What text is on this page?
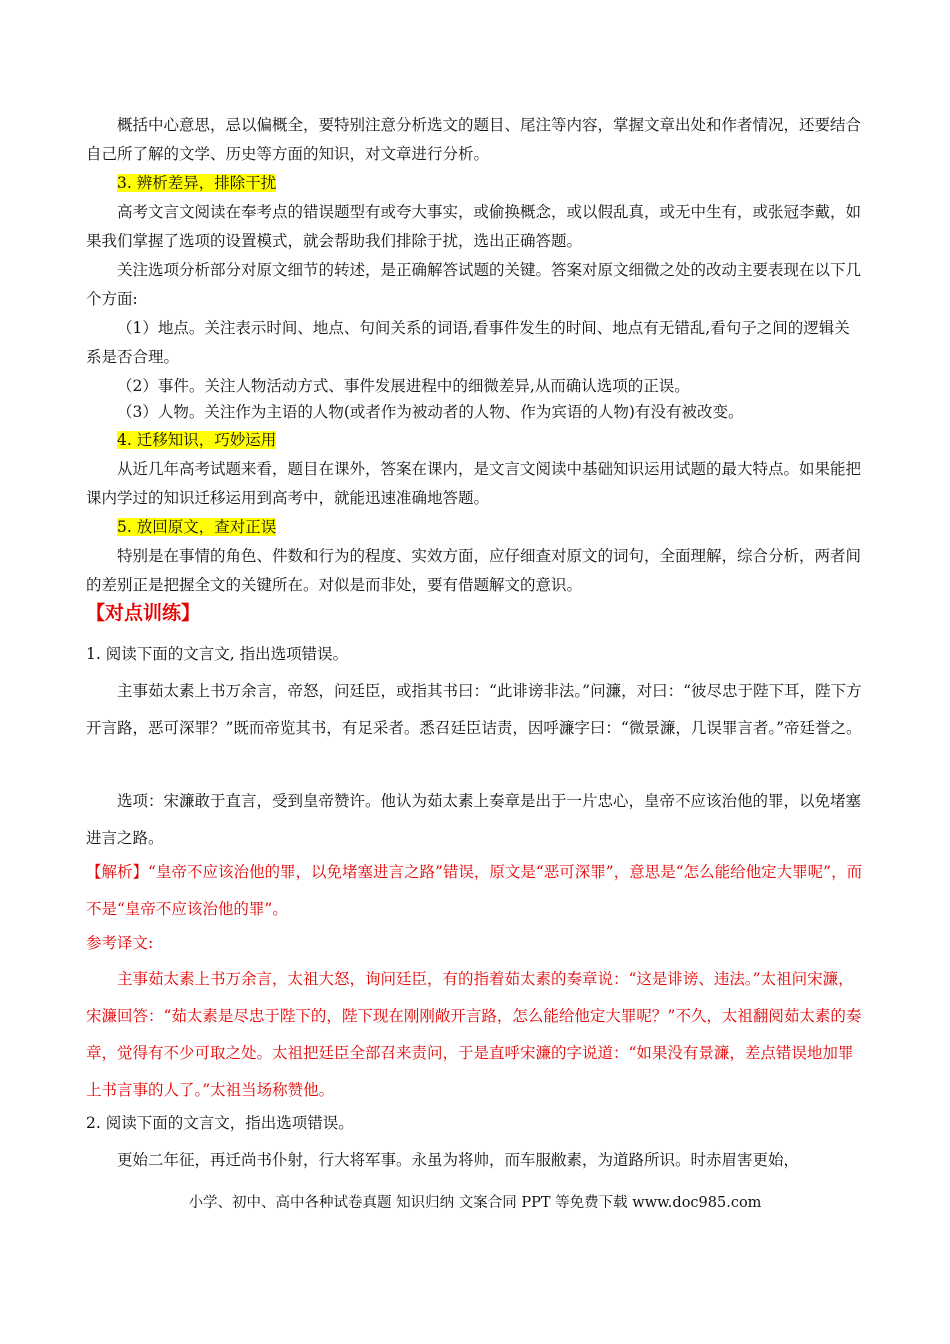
概括中心意思，忌以偏概全，要特别注意分析选文的题目、尾注等内容，掌握文章出处和作者情况，还要结合自己所了解的文学、历史等方面的知识，对文章进行分析。

3. 辨析差异，排除干扰

高考文言文阅读在奉考点的错误题型有或夸大事实，或偷换概念，或以假乱真，或无中生有，或张冠李戴，如果我们掌握了选项的设置模式，就会帮助我们排除于扰，选出正确答题。

关注选项分析部分对原文细节的转述，是正确解答试题的关键。答案对原文细微之处的改动主要表现在以下几个方面:

（1）地点。关注表示时间、地点、句间关系的词语,看事件发生的时间、地点有无错乱,看句子之间的逻辑关系是否合理。

（2）事件。关注人物活动方式、事件发展进程中的细微差异,从而确认选项的正误。

（3）人物。关注作为主语的人物(或者作为被动者的人物、作为宾语的人物)有没有被改变。

4. 迁移知识，巧妙运用

从近几年高考试题来看，题目在课外，答案在课内，是文言文阅读中基础知识运用试题的最大特点。如果能把课内学过的知识迁移运用到高考中，就能迅速准确地答题。

5. 放回原文，查对正误

特别是在事情的角色、件数和行为的程度、实效方面，应仔细查对原文的词句，全面理解，综合分析，两者间的差别正是把握全文的关键所在。对似是而非处，要有借题解文的意识。

【对点训练】

1. 阅读下面的文言文, 指出选项错误。

主事茹太素上书万余言，帝怒，问廷臣，或指其书曰：“此诽谤非法。”问濂，对曰：“彼尽忠于陛下耳，陛下方开言路，恶可深罪？”既而帝览其书，有足采者。悉召廷臣诘责，因呼濂字曰：“微景濂，几误罪言者。”帝廷誉之。

选项：宋濂敢于直言，受到皇帝赞许。他认为茹太素上奏章是出于一片忠心，皇帝不应该治他的罪，以免堵塞进言之路。

【解析】“皇帝不应该治他的罪，以免堵塞进言之路”错误，原文是“恶可深罪”，意思是“怎么能给他定大罪呢”，而不是“皇帝不应该治他的罪”。

参考译文:

主事茹太素上书万余言，太祖大怒，询问廷臣，有的指着茹太素的奏章说：“这是诽谤、违法。”太祖问宋濂，宋濂回答：“茹太素是尽忠于陛下的，陛下现在刚刚敞开言路，怎么能给他定大罪呢？”不久，太祖翻阅茹太素的奏章，觉得有不少可取之处。太祖把廷臣全部召来责问，于是直呼宋濂的字说道：“如果没有景濂，差点错误地加罪上书言事的人了。”太祖当场称赞他。

2. 阅读下面的文言文，指出选项错误。

更始二年征，再迁尚书仆射，行大将军事。永虽为将帅，而车服敝素，为道路所识。时赤眉害更始，

小学、初中、高中各种试卷真题 知识归纳 文案合同 PPT 等免费下载 www.doc985.com
